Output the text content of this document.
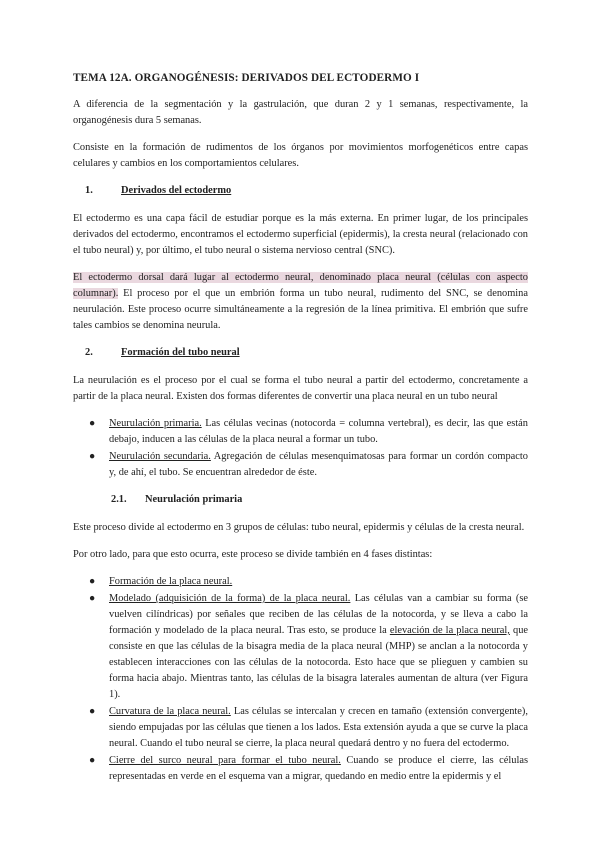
TEMA 12A. ORGANOGÉNESIS: DERIVADOS DEL ECTODERMO I

A diferencia de la segmentación y la gastrulación, que duran 2 y 1 semanas, respectivamente, la organogénesis dura 5 semanas.

Consiste en la formación de rudimentos de los órganos por movimientos morfogenéticos entre capas celulares y cambios en los comportamientos celulares.

1.	Derivados del ectodermo

El ectodermo es una capa fácil de estudiar porque es la más externa. En primer lugar, de los principales derivados del ectodermo, encontramos el ectodermo superficial (epidermis), la cresta neural (relacionado con el tubo neural) y, por último, el tubo neural o sistema nervioso central (SNC).

El ectodermo dorsal dará lugar al ectodermo neural, denominado placa neural (células con aspecto columnar). El proceso por el que un embrión forma un tubo neural, rudimento del SNC, se denomina neurulación. Este proceso ocurre simultáneamente a la regresión de la línea primitiva. El embrión que sufre tales cambios se denomina neurula.

2.	Formación del tubo neural

La neurulación es el proceso por el cual se forma el tubo neural a partir del ectodermo, concretamente a partir de la placa neural. Existen dos formas diferentes de convertir una placa neural en un tubo neural

● Neurulación primaria. Las células vecinas (notocorda = columna vertebral), es decir, las que están debajo, inducen a las células de la placa neural a formar un tubo.
● Neurulación secundaria. Agregación de células mesenquimatosas para formar un cordón compacto y, de ahí, el tubo. Se encuentran alrededor de éste.
2.1. Neurulación primaria

Este proceso divide al ectodermo en 3 grupos de células: tubo neural, epidermis y células de la cresta neural.

Por otro lado, para que esto ocurra, este proceso se divide también en 4 fases distintas:

● Formación de la placa neural.
● Modelado (adquisición de la forma) de la placa neural. Las células van a cambiar su forma (se vuelven cilíndricas) por señales que reciben de las células de la notocorda, y se lleva a cabo la formación y modelado de la placa neural. Tras esto, se produce la elevación de la placa neural, que consiste en que las células de la bisagra media de la placa neural (MHP) se anclan a la notocorda y establecen interacciones con las células de la notocorda. Esto hace que se plieguen y cambien su forma hacia abajo. Mientras tanto, las células de la bisagra laterales aumentan de altura (ver Figura 1).
● Curvatura de la placa neural. Las células se intercalan y crecen en tamaño (extensión convergente), siendo empujadas por las células que tienen a los lados. Esta extensión ayuda a que se curve la placa neural. Cuando el tubo neural se cierre, la placa neural quedará dentro y no fuera del ectodermo.
● Cierre del surco neural para formar el tubo neural. Cuando se produce el cierre, las células representadas en verde en el esquema van a migrar, quedando en medio entre la epidermis y el
